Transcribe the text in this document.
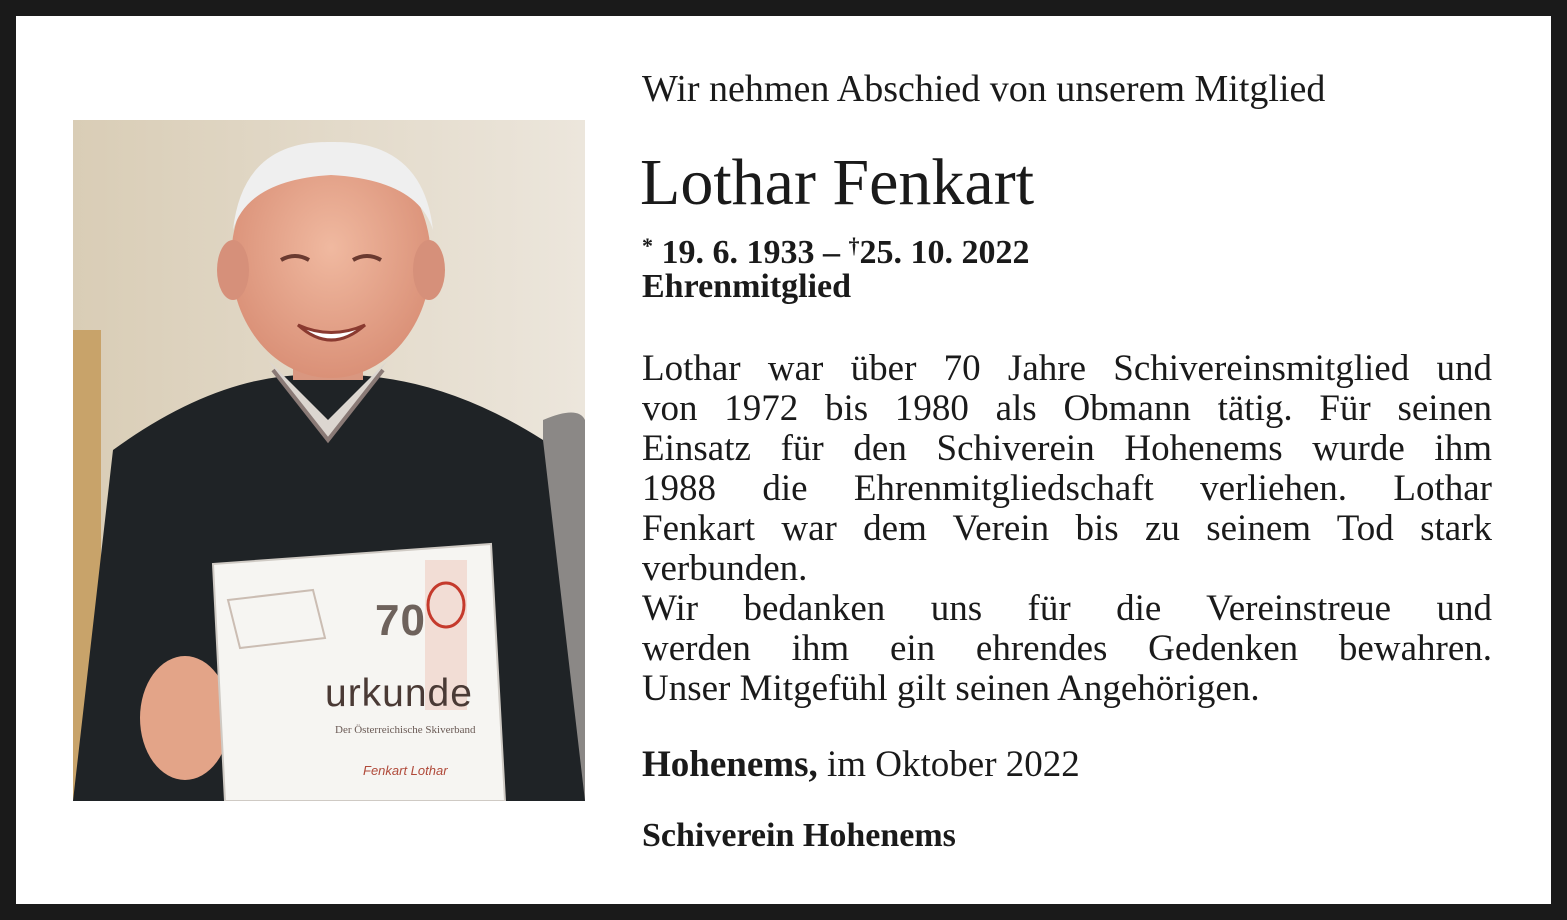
70
urkunde
Der Österreichische Skiverband
Fenkart Lothar
Wir nehmen Abschied von unserem Mitglied
Lothar Fenkart
* 19. 6. 1933 – †25. 10. 2022
Ehrenmitglied
Lothar war über 70 Jahre Schivereinsmitglied und
von 1972 bis 1980 als Obmann tätig. Für seinen
Einsatz für den Schiverein Hohenems wurde ihm
1988 die Ehrenmitgliedschaft verliehen. Lothar
Fenkart war dem Verein bis zu seinem Tod stark
verbunden.
Wir bedanken uns für die Vereinstreue und
werden ihm ein ehrendes Gedenken bewahren.
Unser Mitgefühl gilt seinen Angehörigen.
Hohenems, im Oktober 2022
Schiverein Hohenems
